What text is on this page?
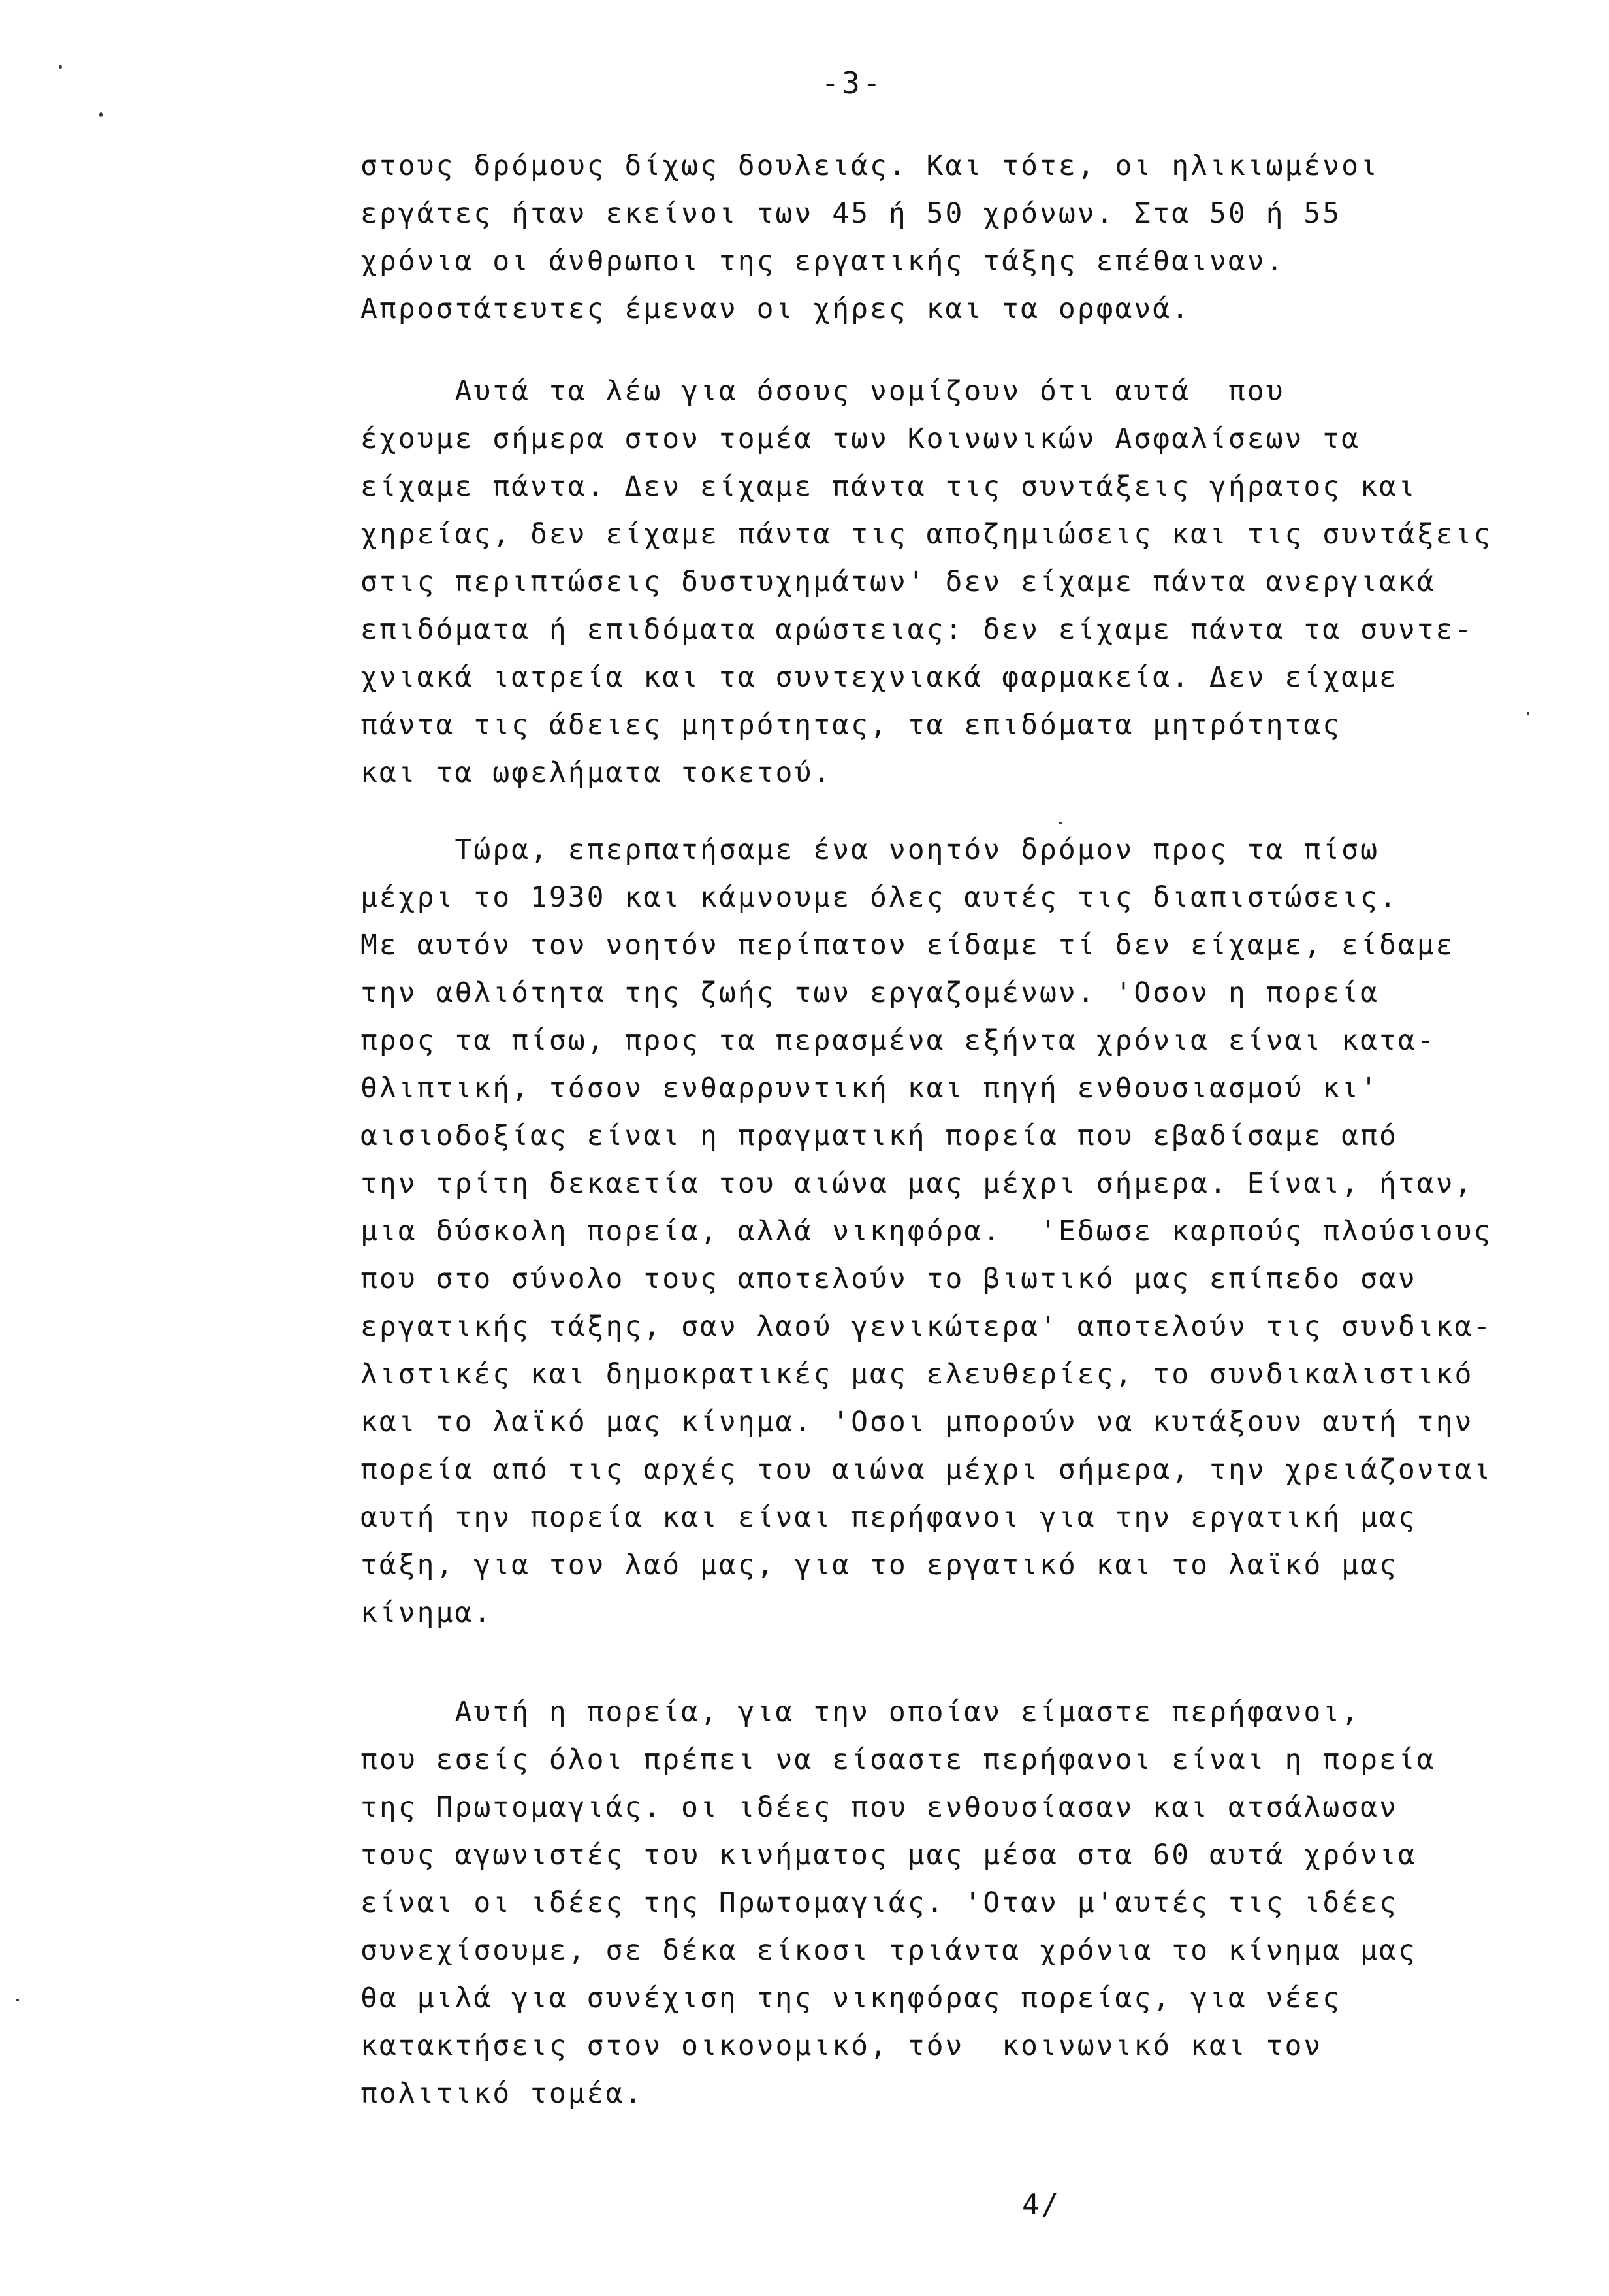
-3-
στους δρόμους δίχως δουλειάς. Και τότε, οι ηλικιωμένοι
εργάτες ήταν εκείνοι των 45 ή 50 χρόνων. Στα 50 ή 55
χρόνια οι άνθρωποι της εργατικής τάξης επέθαιναν.
Απροστάτευτες έμεναν οι χήρες και τα ορφανά.
Αυτά τα λέω για όσους νομίζουν ότι αυτά  που
έχουμε σήμερα στον τομέα των Κοινωνικών Ασφαλίσεων τα
είχαμε πάντα. Δεν είχαμε πάντα τις συντάξεις γήρατος και
χηρείας, δεν είχαμε πάντα τις αποζημιώσεις και τις συντάξεις
στις περιπτώσεις δυστυχημάτων' δεν είχαμε πάντα ανεργιακά
επιδόματα ή επιδόματα αρώστειας: δεν είχαμε πάντα τα συντε-
χνιακά ιατρεία και τα συντεχνιακά φαρμακεία. Δεν είχαμε
πάντα τις άδειες μητρότητας, τα επιδόματα μητρότητας
και τα ωφελήματα τοκετού.
Τώρα, επερπατήσαμε ένα νοητόν δρόμον προς τα πίσω
μέχρι το 1930 και κάμνουμε όλες αυτές τις διαπιστώσεις.
Με αυτόν τον νοητόν περίπατον είδαμε τί δεν είχαμε, είδαμε
την αθλιότητα της ζωής των εργαζομένων. 'Οσον η πορεία
προς τα πίσω, προς τα περασμένα εξήντα χρόνια είναι κατα-
θλιπτική, τόσον ενθαρρυντική και πηγή ενθουσιασμού κι'
αισιοδοξίας είναι η πραγματική πορεία που εβαδίσαμε από
την τρίτη δεκαετία του αιώνα μας μέχρι σήμερα. Είναι, ήταν,
μια δύσκολη πορεία, αλλά νικηφόρα.  'Εδωσε καρπούς πλούσιους
που στο σύνολο τους αποτελούν το βιωτικό μας επίπεδο σαν
εργατικής τάξης, σαν λαού γενικώτερα' αποτελούν τις συνδικα-
λιστικές και δημοκρατικές μας ελευθερίες, το συνδικαλιστικό
και το λαϊκό μας κίνημα. 'Οσοι μπορούν να κυτάξουν αυτή την
πορεία από τις αρχές του αιώνα μέχρι σήμερα, την χρειάζονται
αυτή την πορεία και είναι περήφανοι για την εργατική μας
τάξη, για τον λαό μας, για το εργατικό και το λαϊκό μας
κίνημα.
Αυτή η πορεία, για την οποίαν είμαστε περήφανοι,
που εσείς όλοι πρέπει να είσαστε περήφανοι είναι η πορεία
της Πρωτομαγιάς. οι ιδέες που ενθουσίασαν και ατσάλωσαν
τους αγωνιστές του κινήματος μας μέσα στα 60 αυτά χρόνια
είναι οι ιδέες της Πρωτομαγιάς. 'Οταν μ'αυτές τις ιδέες
συνεχίσουμε, σε δέκα είκοσι τριάντα χρόνια το κίνημα μας
θα μιλά για συνέχιση της νικηφόρας πορείας, για νέες
κατακτήσεις στον οικονομικό, τόν  κοινωνικό και τον
πολιτικό τομέα.
4/
